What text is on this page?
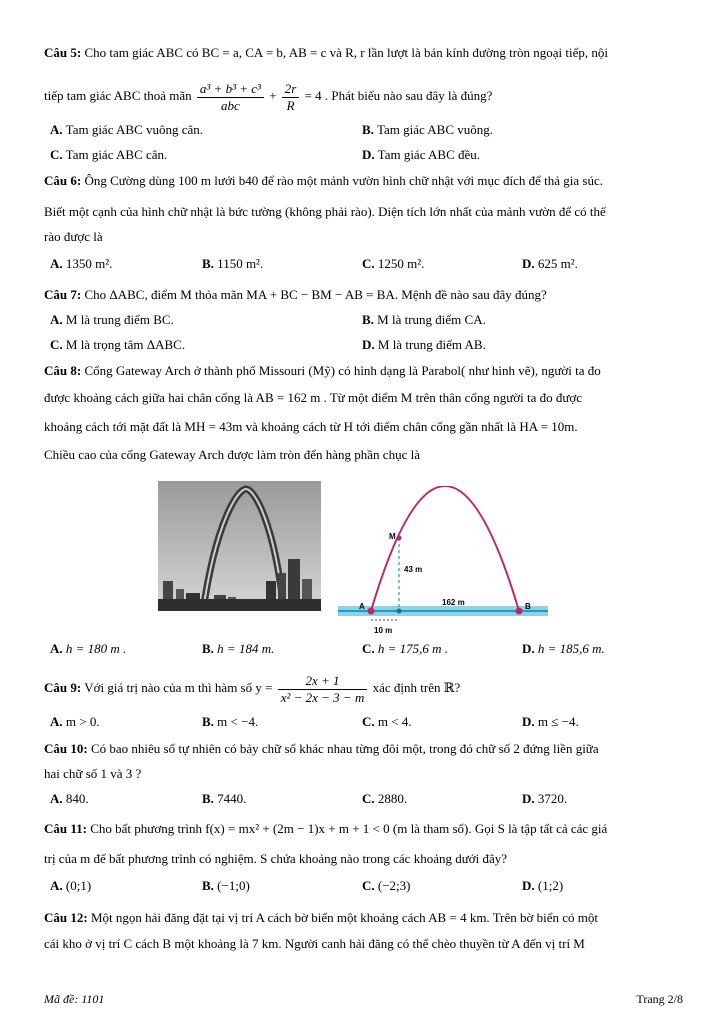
Câu 5: Cho tam giác ABC có BC = a, CA = b, AB = c và R, r lần lượt là bán kính đường tròn ngoại tiếp, nội
tiếp tam giác ABC thoả mãn $\frac{\text{a³ + b³ + c³}}{\text{abc}} + \frac{2r}{R} = 4$ . Phát biểu nào sau đây là đúng?
A. Tam giác ABC vuông cân.	B. Tam giác ABC vuông.
C. Tam giác ABC cân.	D. Tam giác ABC đều.
Câu 6: Ông Cường dùng 100 m lưới b40 để rào một mảnh vườn hình chữ nhật với mục đích để thả gia súc.
Biết một cạnh của hình chữ nhật là bức tường (không phải rào). Diện tích lớn nhất của mảnh vườn để có thể
rào được là
A. 1350 m².	B. 1150 m².	C. 1250 m².	D. 625 m².
Câu 7: Cho ΔABC, điểm M thỏa mãn MA + BC − BM − AB = BA. Mệnh đề nào sau đây đúng?
A. M là trung điểm BC.	B. M là trung điểm CA.
C. M là trọng tâm ΔABC.	D. M là trung điểm AB.
Câu 8: Cổng Gateway Arch ở thành phố Missouri (Mỹ) có hình dạng là Parabol( như hình vẽ), người ta đo
được khoảng cách giữa hai chân cổng là AB = 162 m . Từ một điểm M trên thân cổng người ta đo được
khoảng cách tới mặt đất là MH = 43m và khoảng cách từ H tới điểm chân cổng gần nhất là HA = 10m.
Chiều cao của cổng Gateway Arch được làm tròn đến hàng phần chục là
M
43 m
162 m
A	B
10 m
A. h = 180 m .	B. h = 184 m.	C. h = 175,6 m .	D. h = 185,6 m.
Câu 9: Với giá trị nào của m thì hàm số $y = \frac{2x + 1}{\text{x² − 2x − 3 − m}}$ xác định trên ℝ?
A. m > 0.	B. m < −4.	C. m < 4.	D. m ≤ −4.
Câu 10: Có bao nhiêu số tự nhiên có bảy chữ số khác nhau từng đôi một, trong đó chữ số 2 đứng liền giữa
hai chữ số 1 và 3 ?
A. 840.	B. 7440.	C. 2880.	D. 3720.
Câu 11: Cho bất phương trình f(x) = mx² + (2m − 1)x + m + 1 < 0 (m là tham số). Gọi S là tập tất cả các giá
trị của m để bất phương trình có nghiệm. S chứa khoảng nào trong các khoảng dưới đây?
A. (0;1)	B. (−1;0)	C. (−2;3)	D. (1;2)
Câu 12: Một ngọn hải đăng đặt tại vị trí A cách bờ biển một khoảng cách AB = 4 km. Trên bờ biển có một
cái kho ở vị trí C cách B một khoảng là 7 km. Người canh hải đăng có thể chèo thuyền từ A đến vị trí M
Mã đề: 1101	Trang 2/8
